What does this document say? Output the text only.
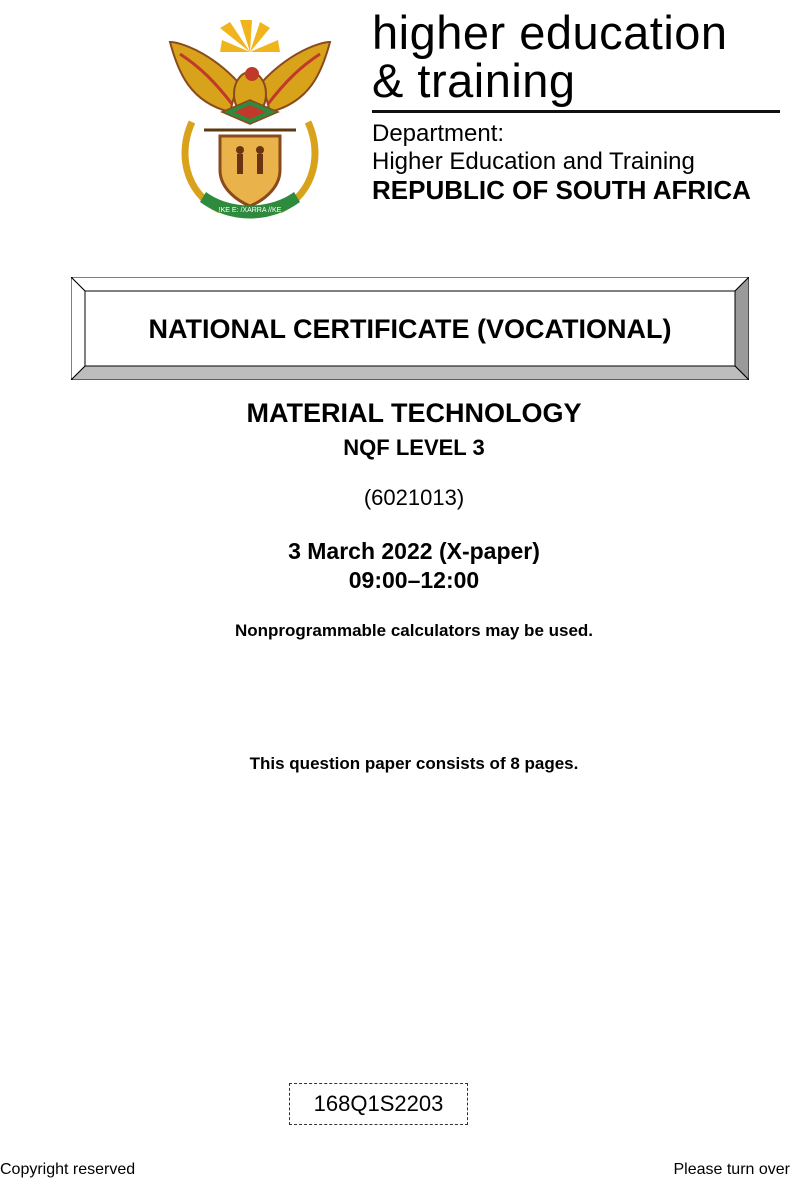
!KE E: /XARRA //KE
higher education
& training
Department:
Higher Education and Training
REPUBLIC OF SOUTH AFRICA
NATIONAL CERTIFICATE (VOCATIONAL)
MATERIAL TECHNOLOGY
NQF LEVEL 3
(6021013)
3 March 2022 (X-paper)
09:00–12:00
Nonprogrammable calculators may be used.
This question paper consists of 8 pages.
168Q1S2203
Copyright reserved	Please turn over
